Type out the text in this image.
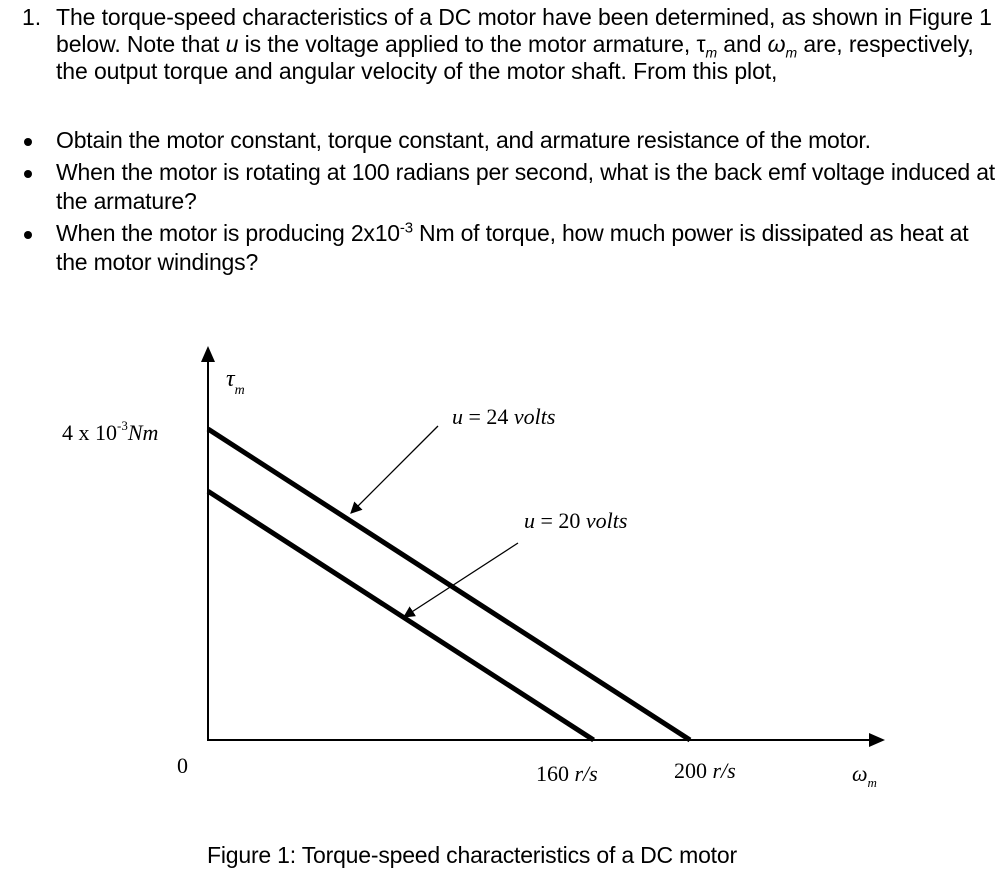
1. The torque-speed characteristics of a DC motor have been determined, as shown in Figure 1 below. Note that u is the voltage applied to the motor armature, $\tau_m$ and $\omega_m$ are, respectively, the output torque and angular velocity of the motor shaft. From this plot,
Obtain the motor constant, torque constant, and armature resistance of the motor.
When the motor is rotating at 100 radians per second, what is the back emf voltage induced at the armature?
When the motor is producing $2x10^{-3}$ Nm of torque, how much power is dissipated as heat at the motor windings?
$\tau_m$
$\omega_m$
4 x $10^{-3}Nm$
0	160 r/s	200 r/s
u = 24 volts
u = 20 volts
Figure 1: Torque-speed characteristics of a DC motor
